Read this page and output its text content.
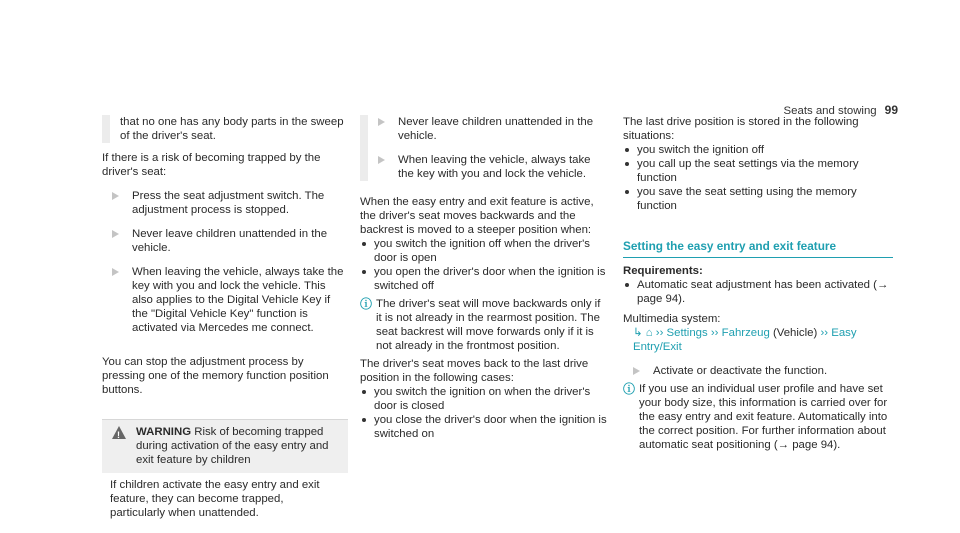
Seats and stowing 99

that no one has any body parts in the sweep of the driver's seat.

If there is a risk of becoming trapped by the driver's seat:

Press the seat adjustment switch. The adjustment process is stopped.
Never leave children unattended in the vehicle.
When leaving the vehicle, always take the key with you and lock the vehicle. This also applies to the Digital Vehicle Key if the "Digital Vehicle Key" function is activated via Mercedes me connect.

You can stop the adjustment process by pressing one of the memory function position buttons.

!
WARNING Risk of becoming trapped during activation of the easy entry and exit feature by children
If children activate the easy entry and exit feature, they can become trapped, particularly when unattended.
Never leave children unattended in the vehicle.
When leaving the vehicle, always take the key with you and lock the vehicle.

When the easy entry and exit feature is active, the driver's seat moves backwards and the backrest is moved to a steeper position when:

you switch the ignition off when the driver's door is open
you open the driver's door when the ignition is switched off
ⓘ The driver's seat will move backwards only if it is not already in the rearmost position. The seat backrest will move forwards only if it is not already in the frontmost position.

The driver's seat moves back to the last drive position in the following cases:

you switch the ignition on when the driver's door is closed
you close the driver's door when the ignition is switched on

The last drive position is stored in the following situations:

you switch the ignition off
you call up the seat settings via the memory function
you save the seat setting using the memory function
Setting the easy entry and exit feature
Requirements:
Automatic seat adjustment has been activated (→ page 94).

Multimedia system:

↳ ⌂ ›› Settings ›› Fahrzeug (Vehicle) ›› Easy Entry/Exit

Activate or deactivate the function.
ⓘ If you use an individual user profile and have set your body size, this information is carried over for the easy entry and exit feature. Automatically into the correct position. For further information about automatic seat positioning (→ page 94).
